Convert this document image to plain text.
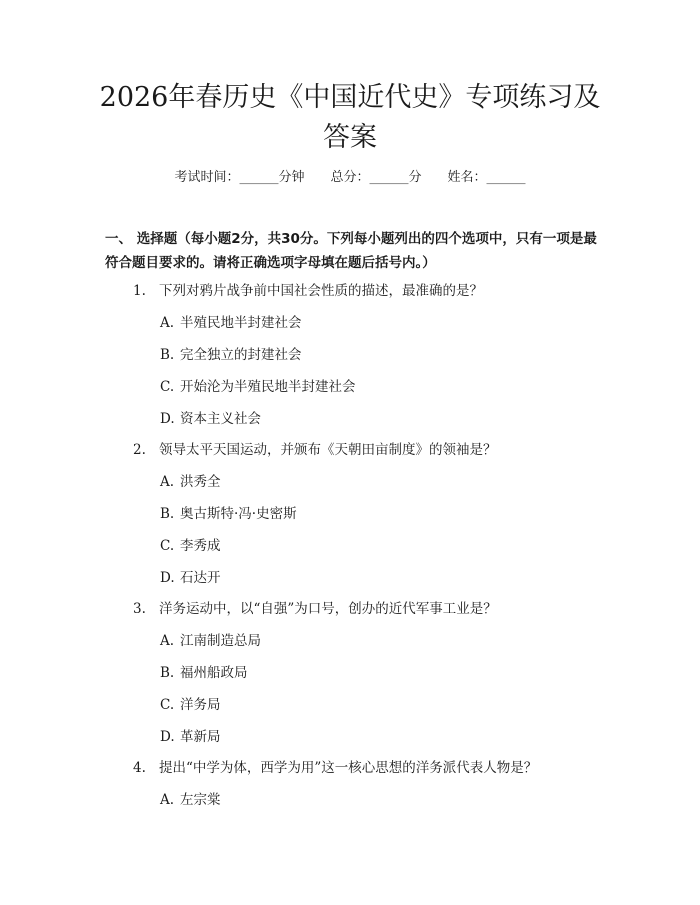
2026年春历史《中国近代史》专项练习及答案
考试时间：______分钟 总分：______分 姓名：______
一、 选择题（每小题2分，共30分。下列每小题列出的四个选项中，只有一项是最符合题目要求的。请将正确选项字母填在题后括号内。）
1. 下列对鸦片战争前中国社会性质的描述，最准确的是？
A. 半殖民地半封建社会
B. 完全独立的封建社会
C. 开始沦为半殖民地半封建社会
D. 资本主义社会
2. 领导太平天国运动，并颁布《天朝田亩制度》的领袖是？
A. 洪秀全
B. 奥古斯特·冯·史密斯
C. 李秀成
D. 石达开
3. 洋务运动中，以“自强”为口号，创办的近代军事工业是？
A. 江南制造总局
B. 福州船政局
C. 洋务局
D. 革新局
4. 提出“中学为体，西学为用”这一核心思想的洋务派代表人物是？
A. 左宗棠
